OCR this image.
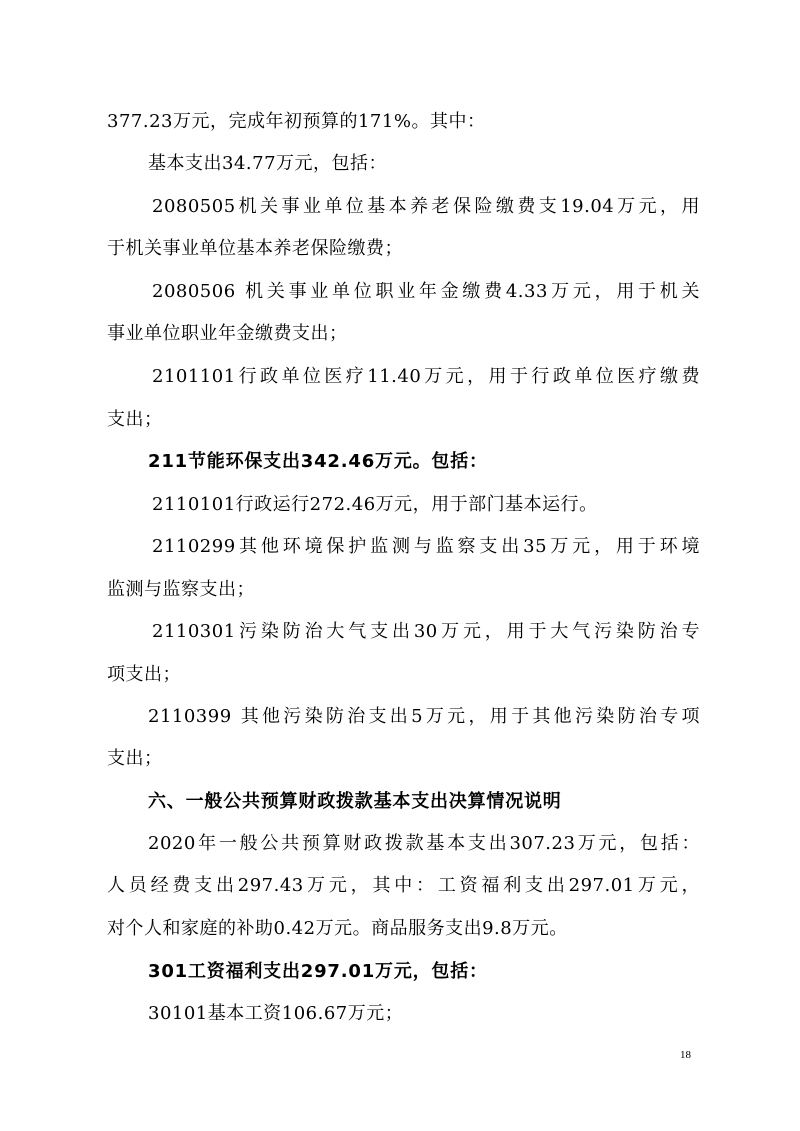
377.23万元，完成年初预算的171%。其中：
基本支出34.77万元，包括：
2080505机关事业单位基本养老保险缴费支19.04万元，用
于机关事业单位基本养老保险缴费；
2080506 机关事业单位职业年金缴费4.33万元，用于机关
事业单位职业年金缴费支出；
2101101行政单位医疗11.40万元，用于行政单位医疗缴费
支出；
211节能环保支出342.46万元。包括：
2110101行政运行272.46万元，用于部门基本运行。
2110299其他环境保护监测与监察支出35万元，用于环境
监测与监察支出；
2110301污染防治大气支出30万元，用于大气污染防治专
项支出；
2110399 其他污染防治支出5万元，用于其他污染防治专项
支出；
六、一般公共预算财政拨款基本支出决算情况说明
2020年一般公共预算财政拨款基本支出307.23万元，包括：
人员经费支出297.43万元，其中：工资福利支出297.01万元，
对个人和家庭的补助0.42万元。商品服务支出9.8万元。
301工资福利支出297.01万元，包括：
30101基本工资106.67万元；
18
